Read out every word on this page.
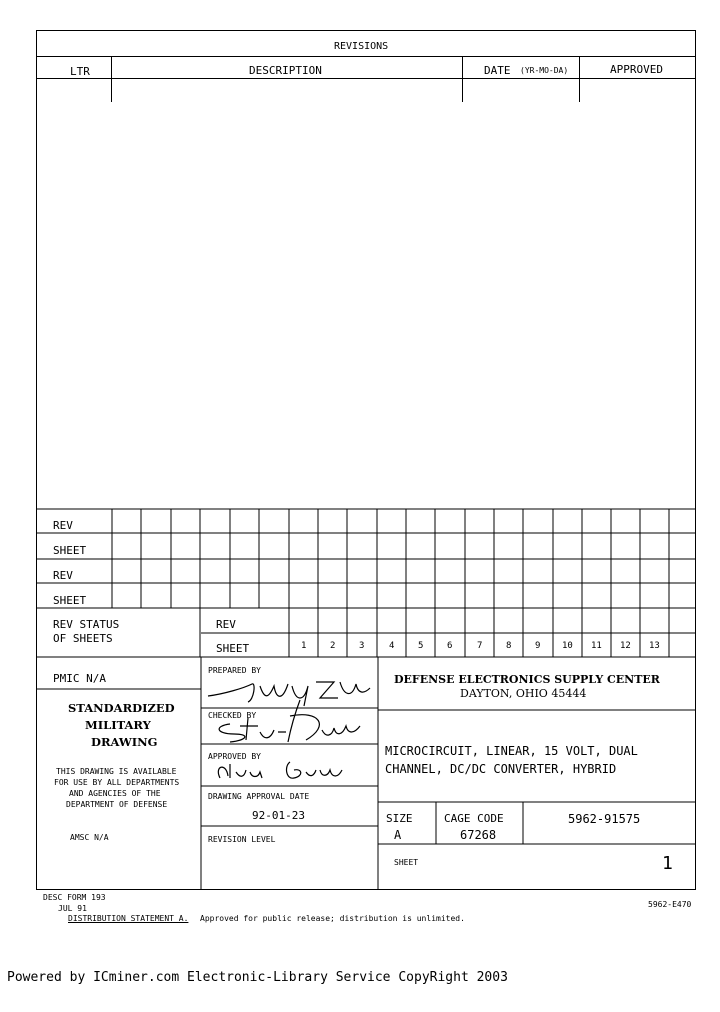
REVISIONS
LTR	DESCRIPTION	DATE (YR-MO-DA)	APPROVED
REV
SHEET
REV
SHEET
REV STATUS
OF SHEETS
REV
SHEET	1	2	3	4	5	6	7	8	9 10 11 12 13
PMIC N/A
STANDARDIZED
MILITARY
DRAWING
THIS DRAWING IS AVAILABLE
FOR USE BY ALL DEPARTMENTS
AND AGENCIES OF THE
DEPARTMENT OF DEFENSE
AMSC N/A
PREPARED BY
CHECKED BY
APPROVED BY
DRAWING APPROVAL DATE
92-01-23
REVISION LEVEL
DEFENSE ELECTRONICS SUPPLY CENTER
DAYTON, OHIO 45444
MICROCIRCUIT, LINEAR, 15 VOLT, DUAL
CHANNEL, DC/DC CONVERTER, HYBRID
SIZE
A
CAGE CODE
67268
5962-91575
SHEET	1
DESC FORM 193
JUL 91
DISTRIBUTION STATEMENT A. Approved for public release; distribution is unlimited.
5962-E470
Powered by ICminer.com Electronic-Library Service CopyRight 2003
